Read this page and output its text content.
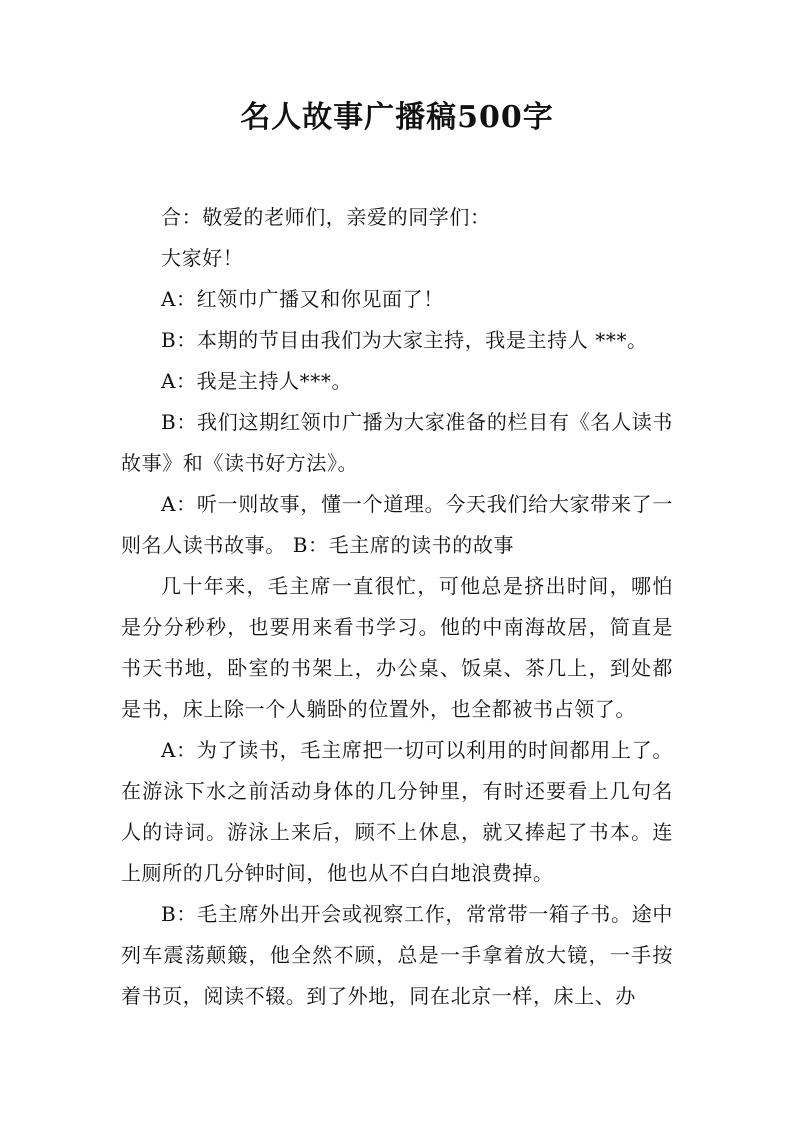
名人故事广播稿500字

合：敬爱的老师们，亲爱的同学们：

大家好！

A：红领巾广播又和你见面了！

B：本期的节目由我们为大家主持，我是主持人 ***。

A：我是主持人***。

B：我们这期红领巾广播为大家准备的栏目有《名人读书故事》和《读书好方法》。

A：听一则故事，懂一个道理。今天我们给大家带来了一则名人读书故事。 B：毛主席的读书的故事

几十年来，毛主席一直很忙，可他总是挤出时间，哪怕是分分秒秒，也要用来看书学习。他的中南海故居，简直是书天书地，卧室的书架上，办公桌、饭桌、茶几上，到处都是书，床上除一个人躺卧的位置外，也全都被书占领了。

A：为了读书，毛主席把一切可以利用的时间都用上了。在游泳下水之前活动身体的几分钟里，有时还要看上几句名人的诗词。游泳上来后，顾不上休息，就又捧起了书本。连上厕所的几分钟时间，他也从不白白地浪费掉。

B：毛主席外出开会或视察工作，常常带一箱子书。途中列车震荡颠簸，他全然不顾，总是一手拿着放大镜，一手按着书页，阅读不辍。到了外地，同在北京一样，床上、办
